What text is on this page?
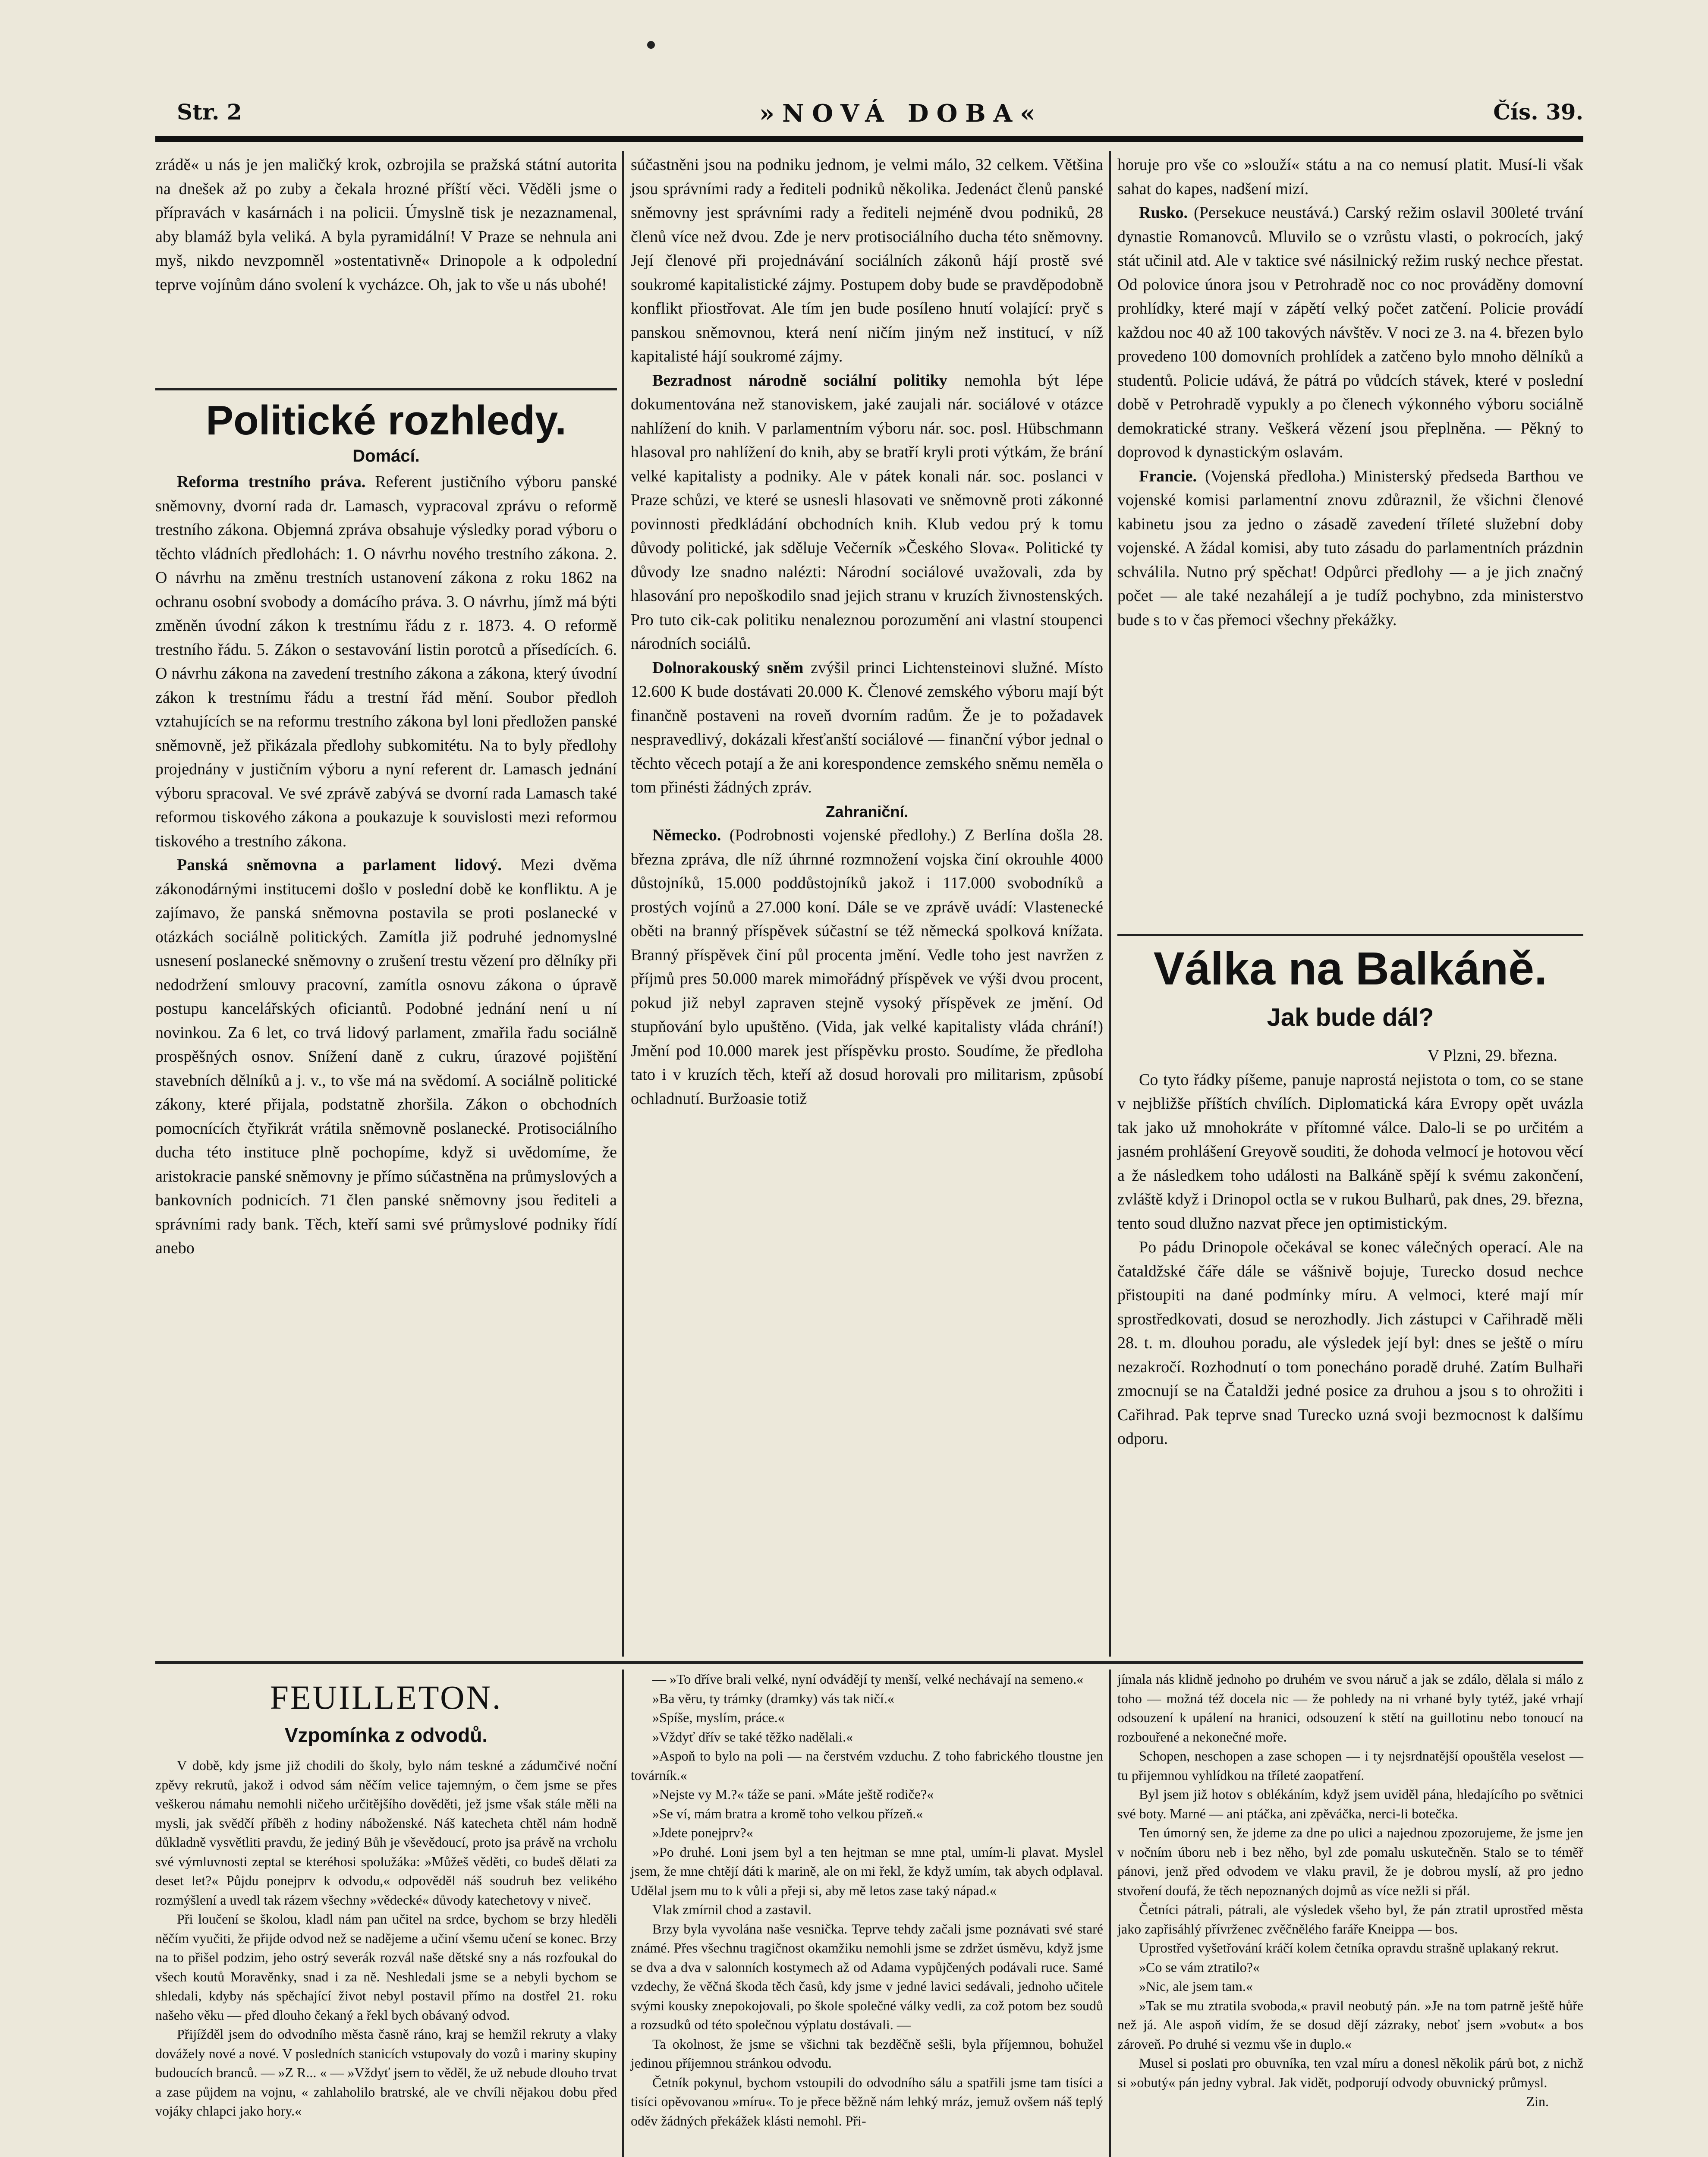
Str. 2	»NOVÁ DOBA«	Čís. 39.

zrádě« u nás je jen maličký krok, ozbrojila se pražská státní autorita na dnešek až po zuby a čekala hrozné příští věci. Věděli jsme o přípravách v kasárnách i na policii. Úmyslně tisk je nezaznamenal, aby blamáž byla veliká. A byla pyramidální! V Praze se nehnula ani myš, nikdo nevzpomněl »ostentativně« Drinopole a k odpolední teprve vojínům dáno svolení k vycházce. Oh, jak to vše u nás ubohé!

Politické rozhledy.
Domácí.

Reforma trestního práva. Referent justičního výboru panské sněmovny, dvorní rada dr. Lamasch, vypracoval zprávu o reformě trestního zákona. Objemná zpráva obsahuje výsledky porad výboru o těchto vládních předlohách: 1. O návrhu nového trestního zákona. 2. O návrhu na změnu trestních ustanovení zákona z roku 1862 na ochranu osobní svobody a domácího práva. 3. O návrhu, jímž má býti změněn úvodní zákon k trestnímu řádu z r. 1873. 4. O reformě trestního řádu. 5. Zákon o sestavování listin porotců a přísedících. 6. O návrhu zákona na zavedení trestního zákona a zákona, který úvodní zákon k trestnímu řádu a trestní řád mění. Soubor předloh vztahujících se na reformu trestního zákona byl loni předložen panské sněmovně, jež přikázala předlohy subkomitétu. Na to byly předlohy projednány v justičním výboru a nyní referent dr. Lamasch jednání výboru spracoval. Ve své zprávě zabývá se dvorní rada Lamasch také reformou tiskového zákona a poukazuje k souvislosti mezi reformou tiskového a trestního zákona.

Panská sněmovna a parlament lidový. Mezi dvěma zákonodárnými institucemi došlo v poslední době ke konfliktu. A je zajímavo, že panská sněmovna postavila se proti poslanecké v otázkách sociálně politických. Zamítla již podruhé jednomyslné usnesení poslanecké sněmovny o zrušení trestu vězení pro dělníky při nedodržení smlouvy pracovní, zamítla osnovu zákona o úpravě postupu kancelářských oficiantů. Podobné jednání není u ní novinkou. Za 6 let, co trvá lidový parlament, zmařila řadu sociálně prospěšných osnov. Snížení daně z cukru, úrazové pojištění stavebních dělníků a j. v., to vše má na svědomí. A sociálně politické zákony, které přijala, podstatně zhoršila. Zákon o obchodních pomocnících čtyřikrát vrátila sněmovně poslanecké. Protisociálního ducha této instituce plně pochopíme, když si uvědomíme, že aristokracie panské sněmovny je přímo súčastněna na průmyslových a bankovních podnicích. 71 člen panské sněmovny jsou řediteli a správními rady bank. Těch, kteří sami své průmyslové podniky řídí anebo

súčastněni jsou na podniku jednom, je velmi málo, 32 celkem. Většina jsou správními rady a řediteli podniků několika. Jedenáct členů panské sněmovny jest správními rady a řediteli nejméně dvou podniků, 28 členů více než dvou. Zde je nerv protisociálního ducha této sněmovny. Její členové při projednávání sociálních zákonů hájí prostě své soukromé kapitalistické zájmy. Postupem doby bude se pravděpodobně konflikt přiostřovat. Ale tím jen bude posíleno hnutí volající: pryč s panskou sněmovnou, která není ničím jiným než institucí, v níž kapitalisté hájí soukromé zájmy.

Bezradnost národně sociální politiky nemohla být lépe dokumentována než stanoviskem, jaké zaujali nár. sociálové v otázce nahlížení do knih. V parlamentním výboru nár. soc. posl. Hübschmann hlasoval pro nahlížení do knih, aby se bratří kryli proti výtkám, že brání velké kapitalisty a podniky. Ale v pátek konali nár. soc. poslanci v Praze schůzi, ve které se usnesli hlasovati ve sněmovně proti zákonné povinnosti předkládání obchodních knih. Klub vedou prý k tomu důvody politické, jak sděluje Večerník »Českého Slova«. Politické ty důvody lze snadno nalézti: Národní sociálové uvažovali, zda by hlasování pro nepoškodilo snad jejich stranu v kruzích živnostenských. Pro tuto cik-cak politiku nenaleznou porozumění ani vlastní stoupenci národních sociálů.

Dolnorakouský sněm zvýšil princi Lichtensteinovi služné. Místo 12.600 K bude dostávati 20.000 K. Členové zemského výboru mají být finančně postaveni na roveň dvorním radům. Že je to požadavek nespravedlivý, dokázali křesťanští sociálové — finanční výbor jednal o těchto věcech potají a že ani korespondence zemského sněmu neměla o tom přinésti žádných zpráv.

Zahraniční.

Německo. (Podrobnosti vojenské předlohy.) Z Berlína došla 28. března zpráva, dle níž úhrnné rozmnožení vojska činí okrouhle 4000 důstojníků, 15.000 poddůstojníků jakož i 117.000 svobodníků a prostých vojínů a 27.000 koní. Dále se ve zprávě uvádí: Vlastenecké oběti na branný příspěvek súčastní se též německá spolková knížata. Branný příspěvek činí půl procenta jmění. Vedle toho jest navržen z příjmů pres 50.000 marek mimořádný příspěvek ve výši dvou procent, pokud již nebyl zapraven stejně vysoký příspěvek ze jmění. Od stupňování bylo upuštěno. (Vida, jak velké kapitalisty vláda chrání!) Jmění pod 10.000 marek jest příspěvku prosto. Soudíme, že předloha tato i v kruzích těch, kteří až dosud horovali pro militarism, způsobí ochladnutí. Buržoasie totiž

horuje pro vše co »slouží« státu a na co nemusí platit. Musí-li však sahat do kapes, nadšení mizí.

Rusko. (Persekuce neustává.) Carský režim oslavil 300leté trvání dynastie Romanovců. Mluvilo se o vzrůstu vlasti, o pokrocích, jaký stát učinil atd. Ale v taktice své násilnický režim ruský nechce přestat. Od polovice února jsou v Petrohradě noc co noc prováděny domovní prohlídky, které mají v zápětí velký počet zatčení. Policie provádí každou noc 40 až 100 takových návštěv. V noci ze 3. na 4. březen bylo provedeno 100 domovních prohlídek a zatčeno bylo mnoho dělníků a studentů. Policie udává, že pátrá po vůdcích stávek, které v poslední době v Petrohradě vypukly a po členech výkonného výboru sociálně demokratické strany. Veškerá vězení jsou přeplněna. — Pěkný to doprovod k dynastickým oslavám.

Francie. (Vojenská předloha.) Ministerský předseda Barthou ve vojenské komisi parlamentní znovu zdůraznil, že všichni členové kabinetu jsou za jedno o zásadě zavedení tříleté služební doby vojenské. A žádal komisi, aby tuto zásadu do parlamentních prázdnin schválila. Nutno prý spěchat! Odpůrci předlohy — a je jich značný počet — ale také nezahálejí a je tudíž pochybno, zda ministerstvo bude s to v čas přemoci všechny překážky.

Válka na Balkáně.
Jak bude dál?

V Plzni, 29. března.

Co tyto řádky píšeme, panuje naprostá nejistota o tom, co se stane v nejbližše příštích chvílích. Diplomatická kára Evropy opět uvázla tak jako už mnohokráte v přítomné válce. Dalo-li se po určitém a jasném prohlášení Greyově souditi, že dohoda velmocí je hotovou věcí a že následkem toho události na Balkáně spějí k svému zakončení, zvláště když i Drinopol octla se v rukou Bulharů, pak dnes, 29. března, tento soud dlužno nazvat přece jen optimistickým.

Po pádu Drinopole očekával se konec válečných operací. Ale na čataldžské čáře dále se vášnivě bojuje, Turecko dosud nechce přistoupiti na dané podmínky míru. A velmoci, které mají mír sprostředkovati, dosud se nerozhodly. Jich zástupci v Cařihradě měli 28. t. m. dlouhou poradu, ale výsledek její byl: dnes se ještě o míru nezakročí. Rozhodnutí o tom ponecháno poradě druhé. Zatím Bulhaři zmocnují se na Čataldži jedné posice za druhou a jsou s to ohrožiti i Cařihrad. Pak teprve snad Turecko uzná svoji bezmocnost k dalšímu odporu.

FEUILLETON.
Vzpomínka z odvodů.

V době, kdy jsme již chodili do školy, bylo nám teskné a zádumčivé noční zpěvy rekrutů, jakož i odvod sám něčím velice tajemným, o čem jsme se přes veškerou námahu nemohli ničeho určitějšího dověděti, jež jsme však stále měli na mysli, jak svědčí příběh z hodiny náboženské. Náš katecheta chtěl nám hodně důkladně vysvětliti pravdu, že jediný Bůh je vševědoucí, proto jsa právě na vrcholu své výmluvnosti zeptal se kteréhosi spolužáka: »Můžeš věděti, co budeš dělati za deset let?« Půjdu ponejprv k odvodu,« odpověděl náš soudruh bez velikého rozmýšlení a uvedl tak rázem všechny »vědecké« důvody katechetovy v niveč.

Při loučení se školou, kladl nám pan učitel na srdce, bychom se brzy hleděli něčím vyučiti, že přijde odvod než se nadějeme a učiní všemu učení se konec. Brzy na to přišel podzim, jeho ostrý severák rozvál naše dětské sny a nás rozfoukal do všech koutů Moravěnky, snad i za ně. Neshledali jsme se a nebyli bychom se shledali, kdyby nás spěchající život nebyl postavil přímo na dostřel 21. roku našeho věku — před dlouho čekaný a řekl bych obávaný odvod.

Přijížděl jsem do odvodního města časně ráno, kraj se hemžil rekruty a vlaky dovážely nové a nové. V posledních stanicích vstupovaly do vozů i mariny skupiny budoucích branců. — »Z R... « — »Vždyť jsem to věděl, že už nebude dlouho trvat a zase půjdem na vojnu, « zahlaholilo bratrské, ale ve chvíli nějakou dobu před vojáky chlapci jako hory.«

— »To dříve brali velké, nyní odvádějí ty menší, velké nechávají na semeno.«

»Ba věru, ty trámky (dramky) vás tak ničí.«

»Spíše, myslím, práce.«

»Vždyť dřív se také těžko nadělali.«

»Aspoň to bylo na poli — na čerstvém vzduchu. Z toho fabrického tloustne jen továrník.«

»Nejste vy M.?« táže se pani. »Máte ještě rodiče?«

»Se ví, mám bratra a kromě toho velkou přízeň.«

»Jdete ponejprv?«

»Po druhé. Loni jsem byl a ten hejtman se mne ptal, umím-li plavat. Myslel jsem, že mne chtějí dáti k marině, ale on mi řekl, že když umím, tak abych odplaval. Udělal jsem mu to k vůli a přeji si, aby mě letos zase taký nápad.«

Vlak zmírnil chod a zastavil.

Brzy byla vyvolána naše vesnička. Teprve tehdy začali jsme poznávati své staré známé. Přes všechnu tragičnost okamžiku nemohli jsme se zdržet úsměvu, když jsme se dva a dva v salonních kostymech až od Adama vypůjčených podávali ruce. Samé vzdechy, že věčná škoda těch časů, kdy jsme v jedné lavici sedávali, jednoho učitele svými kousky znepokojovali, po škole společné války vedli, za což potom bez soudů a rozsudků od této společnou výplatu dostávali. —

Ta okolnost, že jsme se všichni tak bezděčně sešli, byla příjemnou, bohužel jedinou příjemnou stránkou odvodu.

Četník pokynul, bychom vstoupili do odvodního sálu a spatřili jsme tam tisíci a tisíci opěvovanou »míru«. To je přece běžně nám lehký mráz, jemuž ovšem náš teplý oděv žádných překážek klásti nemohl. Při-

jímala nás klidně jednoho po druhém ve svou náruč a jak se zdálo, dělala si málo z toho — možná též docela nic — že pohledy na ni vrhané byly tytéž, jaké vrhají odsouzení k upálení na hranici, odsouzení k stětí na guillotinu nebo tonoucí na rozbouřené a nekonečné moře.

Schopen, neschopen a zase schopen — i ty nejsrdnatější opouštěla veselost — tu přijemnou vyhlídkou na tříleté zaopatření.

Byl jsem již hotov s oblékáním, když jsem uviděl pána, hledajícího po světnici své boty. Marné — ani ptáčka, ani zpěváčka, nerci-li botečka.

Ten úmorný sen, že jdeme za dne po ulici a najednou zpozorujeme, že jsme jen v nočním úboru neb i bez něho, byl zde pomalu uskutečněn. Stalo se to téměř pánovi, jenž před odvodem ve vlaku pravil, že je dobrou myslí, až pro jedno stvoření doufá, že těch nepoznaných dojmů as více nežli si přál.

Četníci pátrali, pátrali, ale výsledek všeho byl, že pán ztratil uprostřed města jako zapřisáhlý přívrženec zvěčnělého faráře Kneippa — bos.

Uprostřed vyšetřování kráčí kolem četníka opravdu strašně uplakaný rekrut.

»Co se vám ztratilo?«

»Nic, ale jsem tam.«

»Tak se mu ztratila svoboda,« pravil neobutý pán. »Je na tom patrně ještě hůře než já. Ale aspoň vidím, že se dosud dějí zázraky, neboť jsem »vobut« a bos zároveň. Po druhé si vezmu vše in duplo.«

Musel si poslati pro obuvníka, ten vzal míru a donesl několik párů bot, z nichž si »obutý« pán jedny vybral. Jak vidět, podporují odvody obuvnický průmysl.

Zin.
